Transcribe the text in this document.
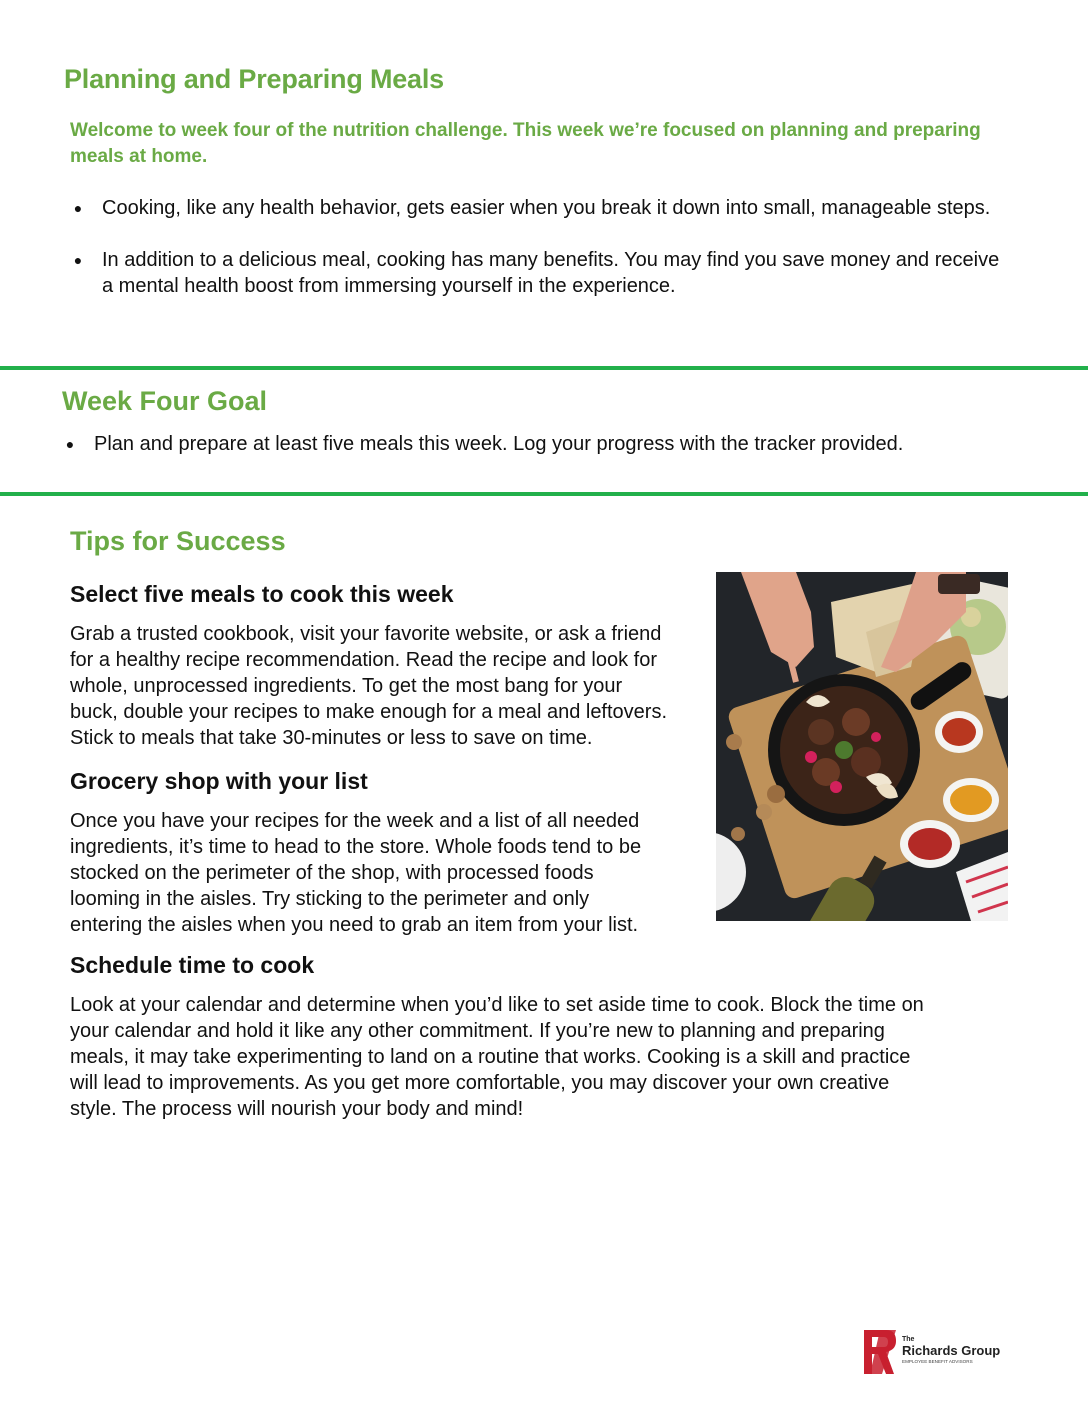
Planning and Preparing Meals

Welcome to week four of the nutrition challenge. This week we’re focused on planning and preparing meals at home.

● Cooking, like any health behavior, gets easier when you break it down into small, manageable steps.
● In addition to a delicious meal, cooking has many benefits. You may find you save money and receive a mental health boost from immersing yourself in the experience.
Week Four Goal
● Plan and prepare at least five meals this week. Log your progress with the tracker provided.
Tips for Success
Select five meals to cook this week

Grab a trusted cookbook, visit your favorite website, or ask a friend

for a healthy recipe recommendation. Read the recipe and look for

whole, unprocessed ingredients. To get the most bang for your

buck, double your recipes to make enough for a meal and leftovers.

Stick to meals that take 30-minutes or less to save on time.

Grocery shop with your list

Once you have your recipes for the week and a list of all needed

ingredients, it’s time to head to the store. Whole foods tend to be

stocked on the perimeter of the shop, with processed foods

looming in the aisles. Try sticking to the perimeter and only

entering the aisles when you need to grab an item from your list.

Schedule time to cook

Look at your calendar and determine when you’d like to set aside time to cook. Block the time on

your calendar and hold it like any other commitment. If you’re new to planning and preparing

meals, it may take experimenting to land on a routine that works. Cooking is a skill and practice

will lead to improvements. As you get more comfortable, you may discover your own creative

style. The process will nourish your body and mind!

The
Richards Group
EMPLOYEE BENEFIT ADVISORS
